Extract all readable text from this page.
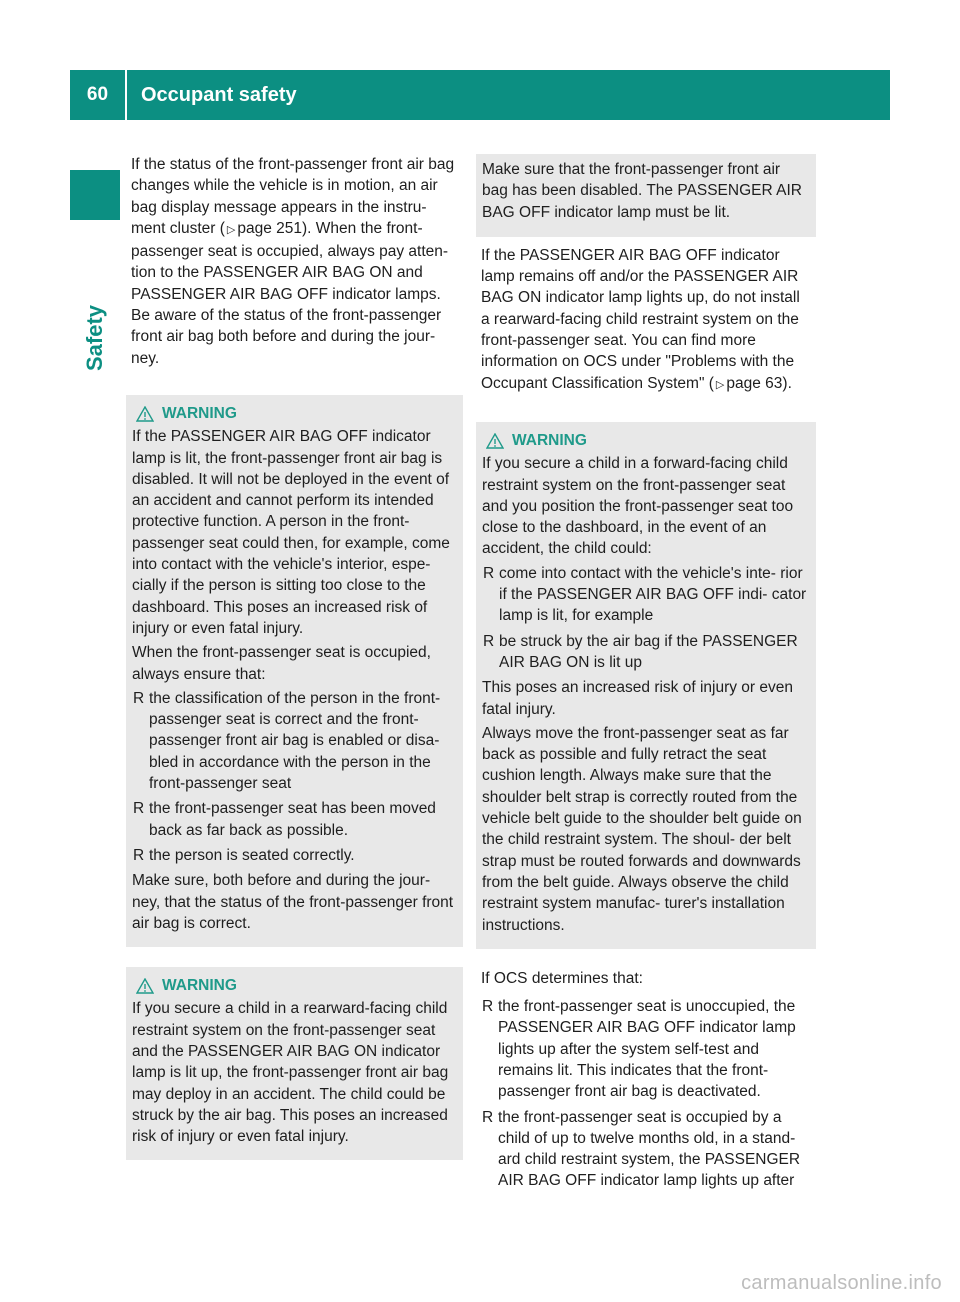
60	Occupant safety
Safety

If the status of the front-passenger front air bag changes while the vehicle is in motion, an air bag display message appears in the instru- ment cluster ( ▷ page 251). When the front- passenger seat is occupied, always pay atten- tion to the PASSENGER AIR BAG ON and PASSENGER AIR BAG OFF indicator lamps. Be aware of the status of the front-passenger front air bag both before and during the jour- ney.

WARNING

If the PASSENGER AIR BAG OFF indicator lamp is lit, the front-passenger front air bag is disabled. It will not be deployed in the event of an accident and cannot perform its intended protective function. A person in the front- passenger seat could then, for example, come into contact with the vehicle's interior, espe- cially if the person is sitting too close to the dashboard. This poses an increased risk of injury or even fatal injury.

When the front-passenger seat is occupied, always ensure that:

R the classification of the person in the front- passenger seat is correct and the front- passenger front air bag is enabled or disa- bled in accordance with the person in the front-passenger seat
R the front-passenger seat has been moved back as far back as possible.
R the person is seated correctly.

Make sure, both before and during the jour- ney, that the status of the front-passenger front air bag is correct.

WARNING

If you secure a child in a rearward-facing child restraint system on the front-passenger seat and the PASSENGER AIR BAG ON indicator lamp is lit up, the front-passenger front air bag may deploy in an accident. The child could be struck by the air bag. This poses an increased risk of injury or even fatal injury.

Make sure that the front-passenger front air bag has been disabled. The PASSENGER AIR BAG OFF indicator lamp must be lit.

If the PASSENGER AIR BAG OFF indicator lamp remains off and/or the PASSENGER AIR BAG ON indicator lamp lights up, do not install a rearward-facing child restraint system on the front-passenger seat. You can find more information on OCS under "Problems with the Occupant Classification System" ( ▷ page 63).

WARNING

If you secure a child in a forward-facing child restraint system on the front-passenger seat and you position the front-passenger seat too close to the dashboard, in the event of an accident, the child could:

R come into contact with the vehicle's inte- rior if the PASSENGER AIR BAG OFF indi- cator lamp is lit, for example
R be struck by the air bag if the PASSENGER AIR BAG ON is lit up

This poses an increased risk of injury or even fatal injury.

Always move the front-passenger seat as far back as possible and fully retract the seat cushion length. Always make sure that the shoulder belt strap is correctly routed from the vehicle belt guide to the shoulder belt guide on the child restraint system. The shoul- der belt strap must be routed forwards and downwards from the belt guide. Always observe the child restraint system manufac- turer's installation instructions.

If OCS determines that:

R the front-passenger seat is unoccupied, the PASSENGER AIR BAG OFF indicator lamp lights up after the system self-test and remains lit. This indicates that the front- passenger front air bag is deactivated.
R the front-passenger seat is occupied by a child of up to twelve months old, in a stand- ard child restraint system, the PASSENGER AIR BAG OFF indicator lamp lights up after
carmanualsonline.info
